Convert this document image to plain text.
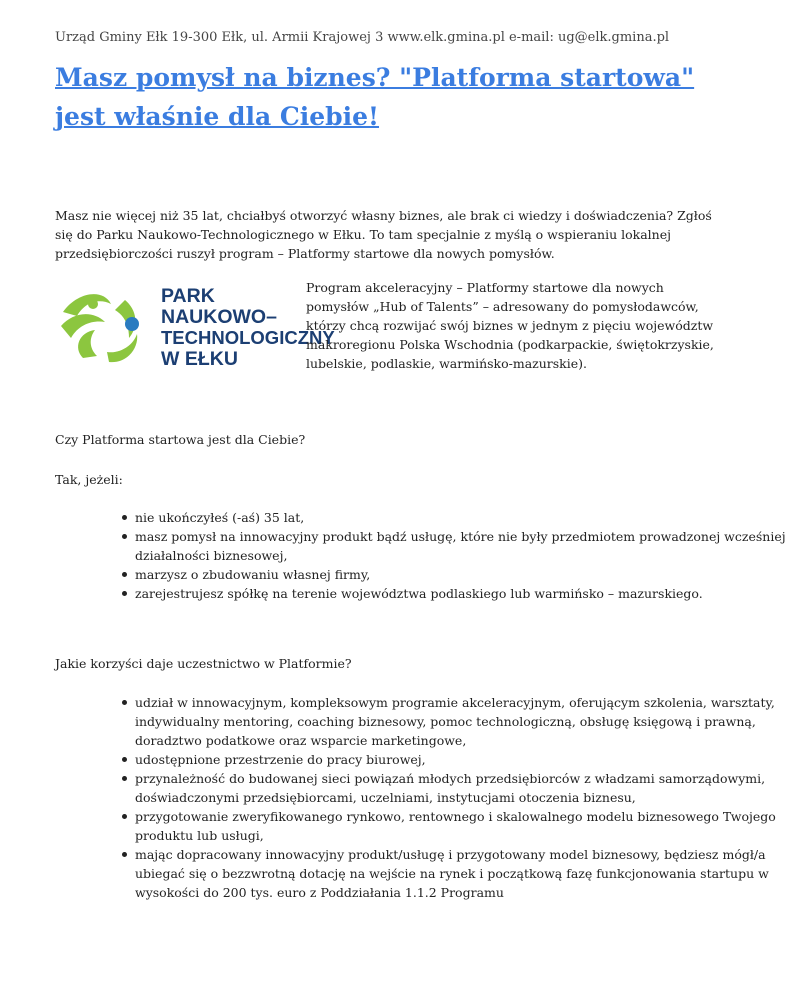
Urząd Gminy Ełk 19-300 Ełk, ul. Armii Krajowej 3 www.elk.gmina.pl e-mail: ug@elk.gmina.pl
Masz pomysł na biznes? "Platforma startowa" jest właśnie dla Ciebie!

Masz nie więcej niż 35 lat, chciałbyś otworzyć własny biznes, ale brak ci wiedzy i doświadczenia? Zgłoś się do Parku Naukowo-Technologicznego w Ełku. To tam specjalnie z myślą o wspieraniu lokalnej przedsiębiorczości ruszył program – Platformy startowe dla nowych pomysłów.

PARK
NAUKOWO–
TECHNOLOGICZNY
W EŁKU

Program akceleracyjny – Platformy startowe dla nowych pomysłów „Hub of Talents” – adresowany do pomysłodawców, którzy chcą rozwijać swój biznes w jednym z pięciu województw makroregionu Polska Wschodnia (podkarpackie, świętokrzyskie, lubelskie, podlaskie, warmińsko-mazurskie).

Czy Platforma startowa jest dla Ciebie?

Tak, jeżeli:

nie ukończyłeś (-aś) 35 lat,
masz pomysł na innowacyjny produkt bądź usługę, które nie były przedmiotem prowadzonej wcześniej działalności biznesowej,
marzysz o zbudowaniu własnej firmy,
zarejestrujesz spółkę na terenie województwa podlaskiego lub warmińsko – mazurskiego.

Jakie korzyści daje uczestnictwo w Platformie?

udział w innowacyjnym, kompleksowym programie akceleracyjnym, oferującym szkolenia, warsztaty, indywidualny mentoring, coaching biznesowy, pomoc technologiczną, obsługę księgową i prawną, doradztwo podatkowe oraz wsparcie marketingowe,
udostępnione przestrzenie do pracy biurowej,
przynależność do budowanej sieci powiązań młodych przedsiębiorców z władzami samorządowymi, doświadczonymi przedsiębiorcami, uczelniami, instytucjami otoczenia biznesu,
przygotowanie zweryfikowanego rynkowo, rentownego i skalowalnego modelu biznesowego Twojego produktu lub usługi,
mając dopracowany innowacyjny produkt/usługę i przygotowany model biznesowy, będziesz mógł/a ubiegać się o bezzwrotną dotację na wejście na rynek i początkową fazę funkcjonowania startupu w wysokości do 200 tys. euro z Poddziałania 1.1.2 Programu
